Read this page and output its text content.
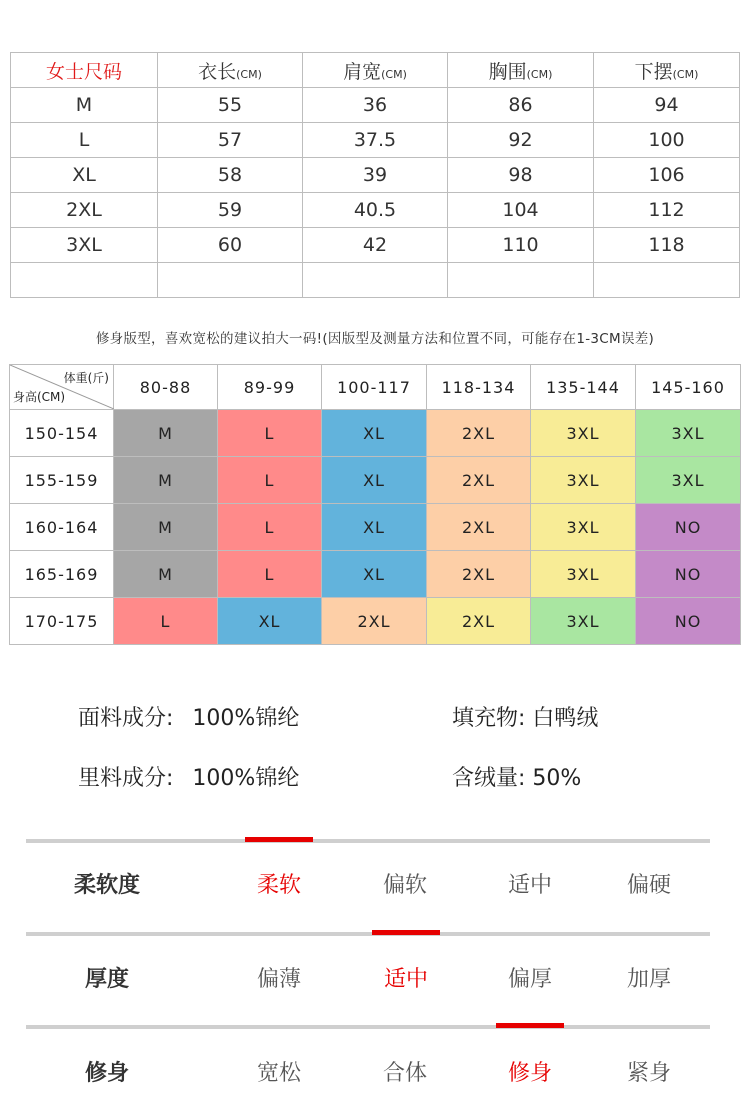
女士尺码	衣长(CM)	肩宽(CM)	胸围(CM)	下摆(CM)
M	55	36	86	94
L	57	37.5	92	100
XL	58	39	98	106
2XL	59	40.5	104	112
3XL	60	42	110	118

修身版型，喜欢宽松的建议拍大一码!(因版型及测量方法和位置不同，可能存在1-3CM误差)
体重(斤)
身高(CM)	80-88	89-99	100-117	118-134	135-144	145-160
150-154	M	L	XL	2XL	3XL	3XL
155-159	M	L	XL	2XL	3XL	3XL
160-164	M	L	XL	2XL	3XL	NO
165-169	M	L	XL	2XL	3XL	NO
170-175	L	XL	2XL	2XL	3XL	NO
面料成分: 100%锦纶	填充物: 白鸭绒
里料成分: 100%锦纶	含绒量: 50%
柔软度	柔软	偏软	适中	偏硬
厚度	偏薄	适中	偏厚	加厚
修身	宽松	合体	修身	紧身
